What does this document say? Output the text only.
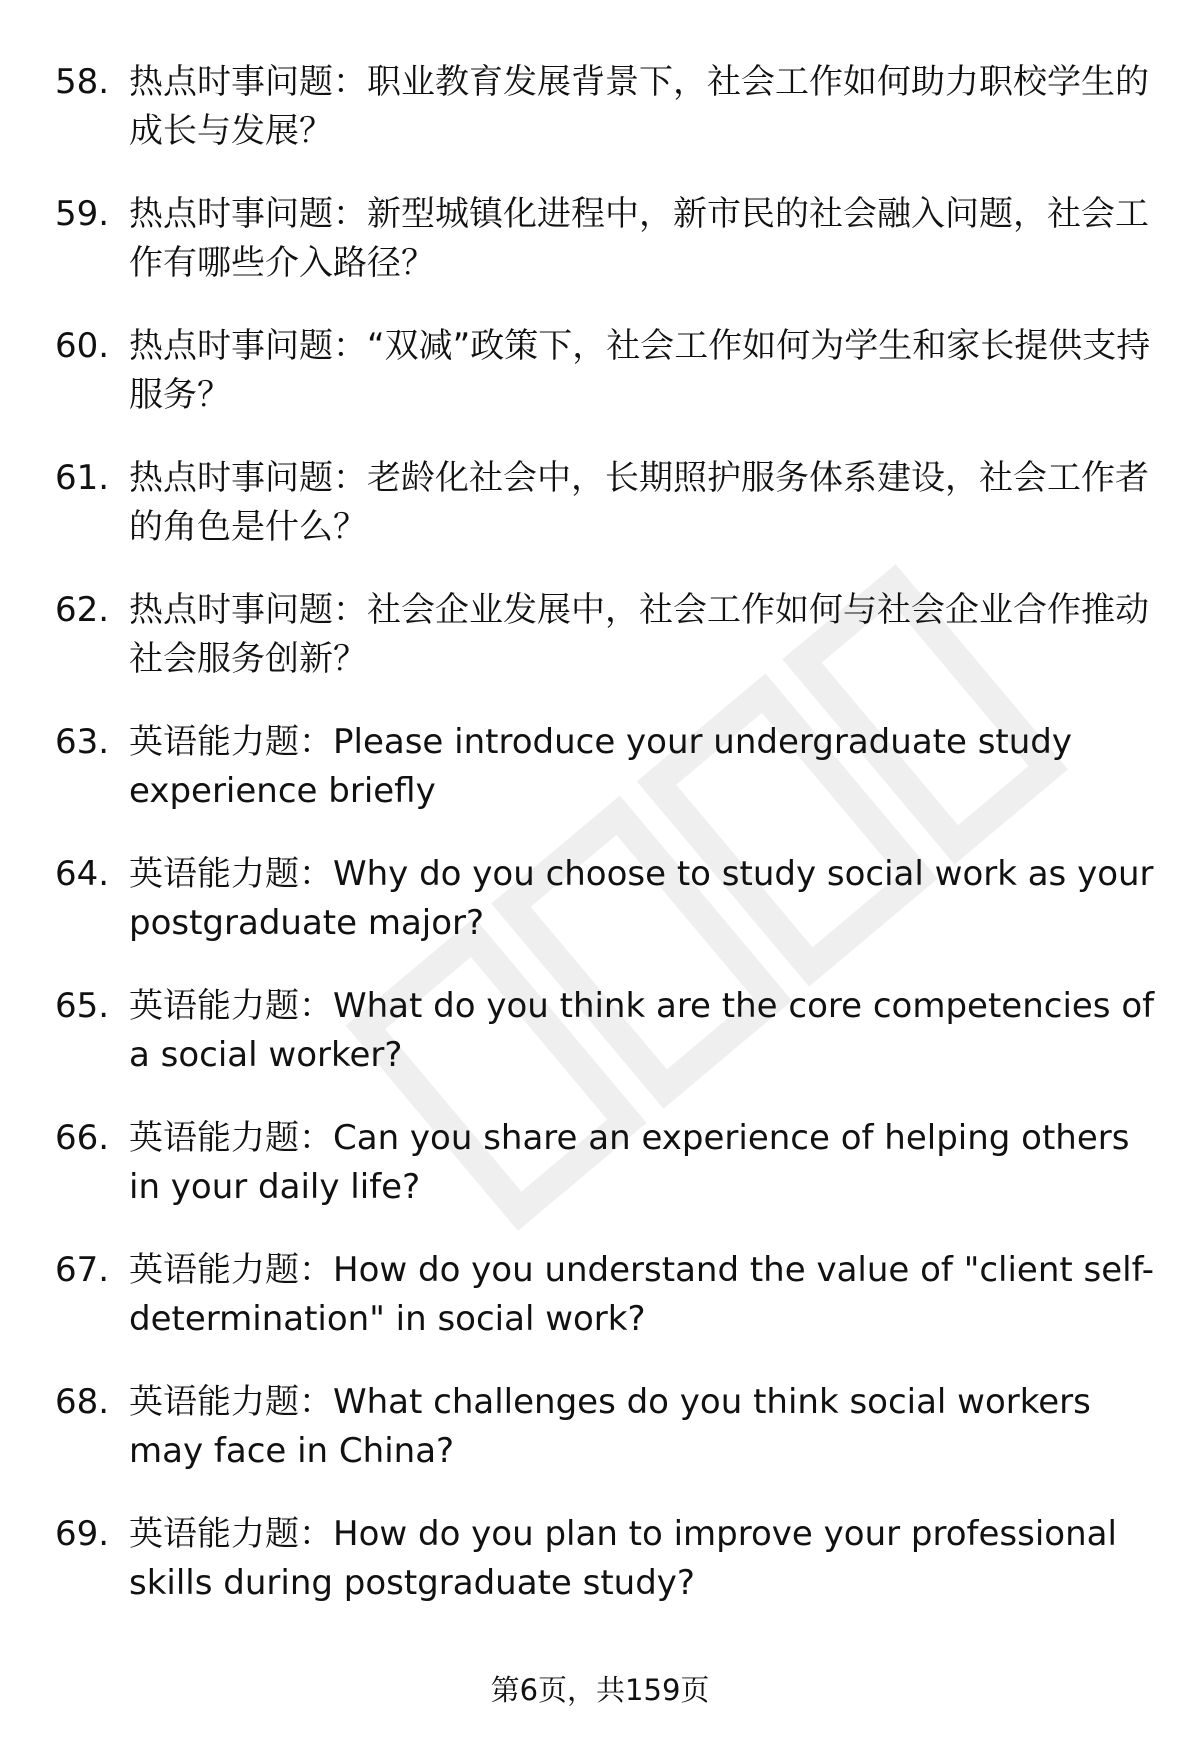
58. 热点时事问题：职业教育发展背景下，社会工作如何助力职校学生的成长与发展？
59. 热点时事问题：新型城镇化进程中，新市民的社会融入问题，社会工作有哪些介入路径？
60. 热点时事问题：“双减”政策下，社会工作如何为学生和家长提供支持服务？
61. 热点时事问题：老龄化社会中，长期照护服务体系建设，社会工作者的角色是什么？
62. 热点时事问题：社会企业发展中，社会工作如何与社会企业合作推动社会服务创新？
63. 英语能力题：Please introduce your undergraduate study experience briefly
64. 英语能力题：Why do you choose to study social work as your postgraduate major?
65. 英语能力题：What do you think are the core competencies of a social worker?
66. 英语能力题：Can you share an experience of helping others in your daily life?
67. 英语能力题：How do you understand the value of "client self-determination" in social work?
68. 英语能力题：What challenges do you think social workers may face in China?
69. 英语能力题：How do you plan to improve your professional skills during postgraduate study?
第6页，共159页
